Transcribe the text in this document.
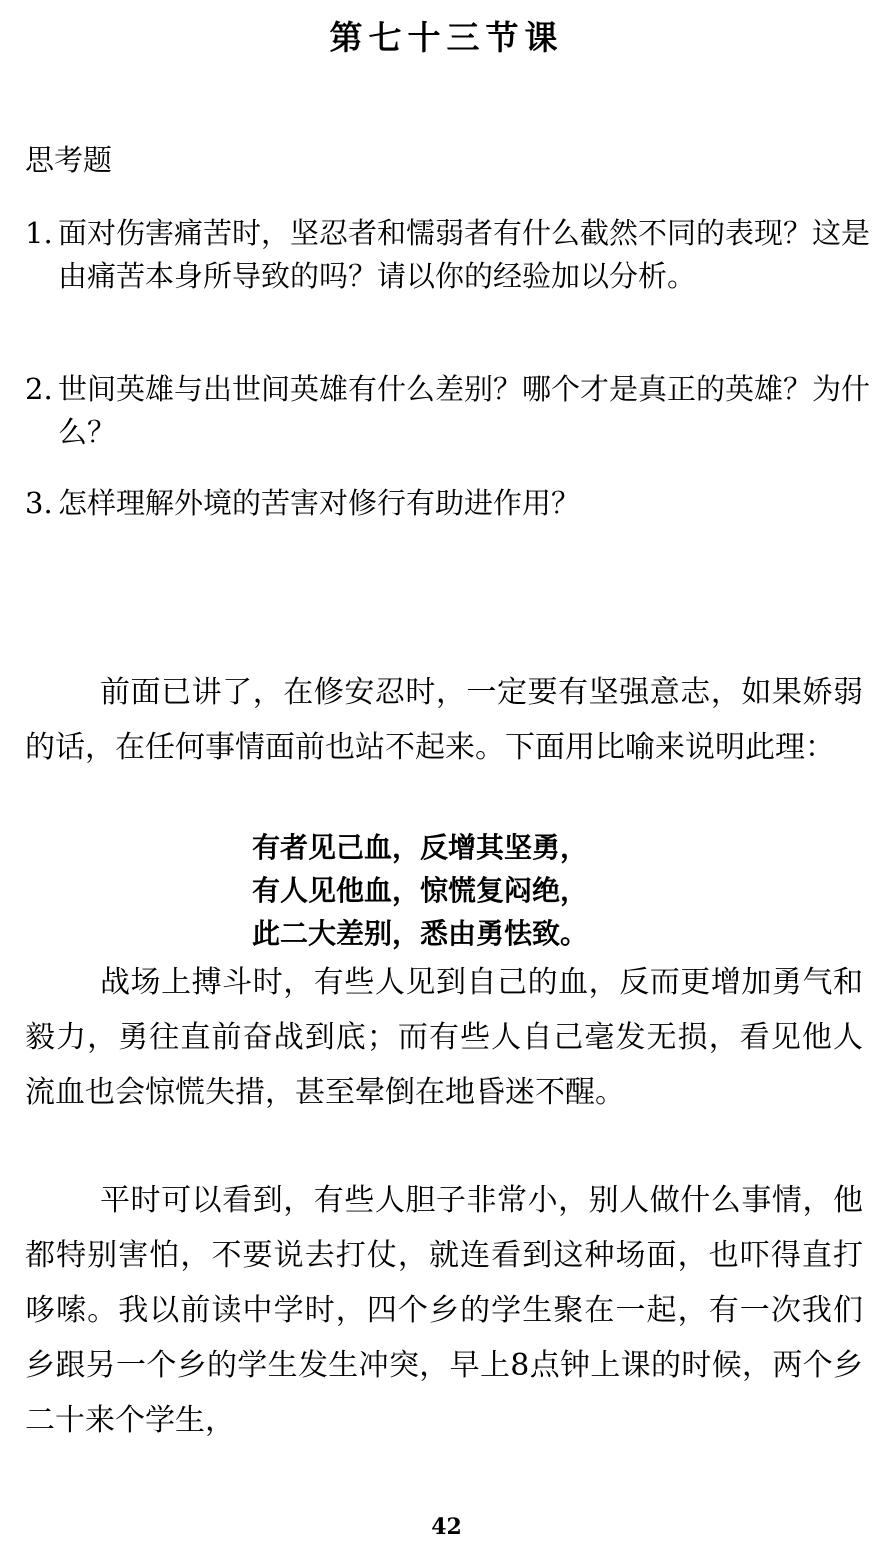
第七十三节课
思考题
1. 面对伤害痛苦时，坚忍者和懦弱者有什么截然不同的表现？这是由痛苦本身所导致的吗？请以你的经验加以分析。
2. 世间英雄与出世间英雄有什么差别？哪个才是真正的英雄？为什么？
3. 怎样理解外境的苦害对修行有助进作用？

前面已讲了，在修安忍时，一定要有坚强意志，如果娇弱的话，在任何事情面前也站不起来。下面用比喻来说明此理：

有者见己血，反增其坚勇，
有人见他血，惊慌复闷绝，
此二大差别，悉由勇怯致。

战场上搏斗时，有些人见到自己的血，反而更增加勇气和毅力，勇往直前奋战到底；而有些人自己毫发无损，看见他人流血也会惊慌失措，甚至晕倒在地昏迷不醒。

平时可以看到，有些人胆子非常小，别人做什么事情，他都特别害怕，不要说去打仗，就连看到这种场面，也吓得直打哆嗦。我以前读中学时，四个乡的学生聚在一起，有一次我们乡跟另一个乡的学生发生冲突，早上8点钟上课的时候，两个乡二十来个学生，

42
